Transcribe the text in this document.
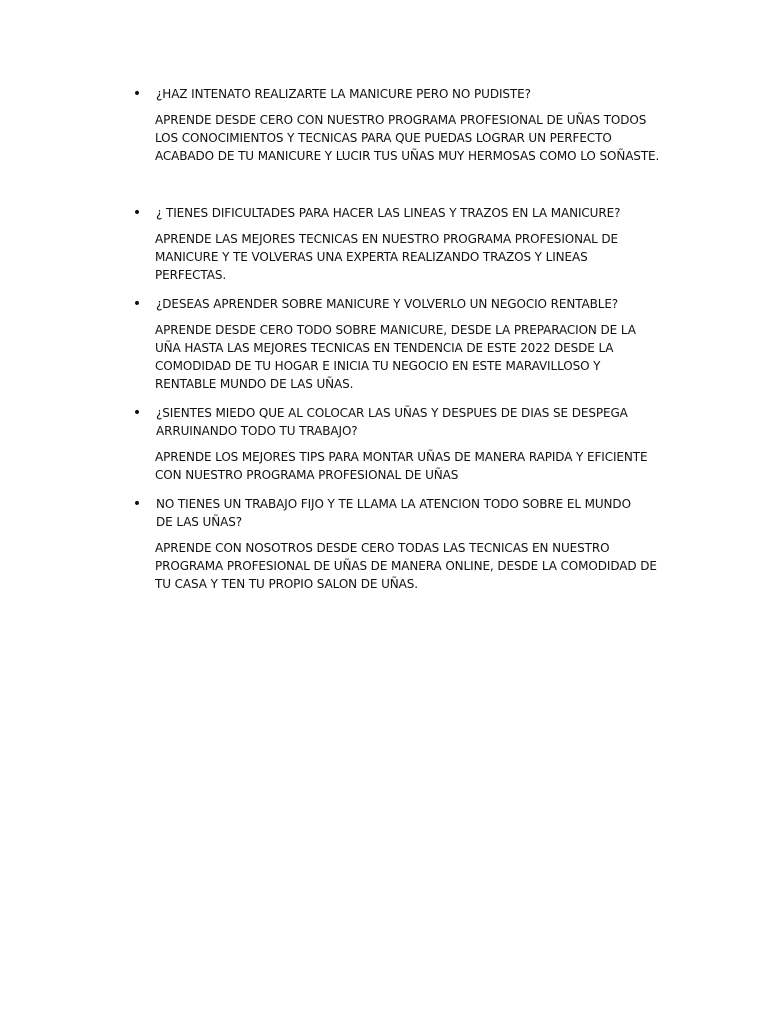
• ¿HAZ INTENATO REALIZARTE LA MANICURE PERO NO PUDISTE?

APRENDE DESDE CERO CON NUESTRO PROGRAMA PROFESIONAL DE UÑAS TODOS LOS CONOCIMIENTOS Y TECNICAS PARA QUE PUEDAS LOGRAR UN PERFECTO ACABADO DE TU MANICURE Y LUCIR TUS UÑAS MUY HERMOSAS COMO LO SOÑASTE.

• ¿ TIENES DIFICULTADES PARA HACER LAS LINEAS Y TRAZOS EN LA MANICURE?

APRENDE LAS MEJORES TECNICAS EN NUESTRO PROGRAMA PROFESIONAL DE MANICURE Y TE VOLVERAS UNA EXPERTA REALIZANDO TRAZOS Y LINEAS PERFECTAS.

• ¿DESEAS APRENDER SOBRE MANICURE Y VOLVERLO UN NEGOCIO RENTABLE?

APRENDE DESDE CERO TODO SOBRE MANICURE, DESDE LA PREPARACION DE LA UÑA HASTA LAS MEJORES TECNICAS EN TENDENCIA DE ESTE 2022 DESDE LA COMODIDAD DE TU HOGAR E INICIA TU NEGOCIO EN ESTE MARAVILLOSO Y RENTABLE MUNDO DE LAS UÑAS.

• ¿SIENTES MIEDO QUE AL COLOCAR LAS UÑAS Y DESPUES DE DIAS SE DESPEGA ARRUINANDO TODO TU TRABAJO?

APRENDE LOS MEJORES TIPS PARA MONTAR UÑAS DE MANERA RAPIDA Y EFICIENTE CON NUESTRO PROGRAMA PROFESIONAL DE UÑAS

• NO TIENES UN TRABAJO FIJO Y TE LLAMA LA ATENCION TODO SOBRE EL MUNDO DE LAS UÑAS?

APRENDE CON NOSOTROS DESDE CERO TODAS LAS TECNICAS EN NUESTRO PROGRAMA PROFESIONAL DE UÑAS DE MANERA ONLINE, DESDE LA COMODIDAD DE TU CASA Y TEN TU PROPIO SALON DE UÑAS.
